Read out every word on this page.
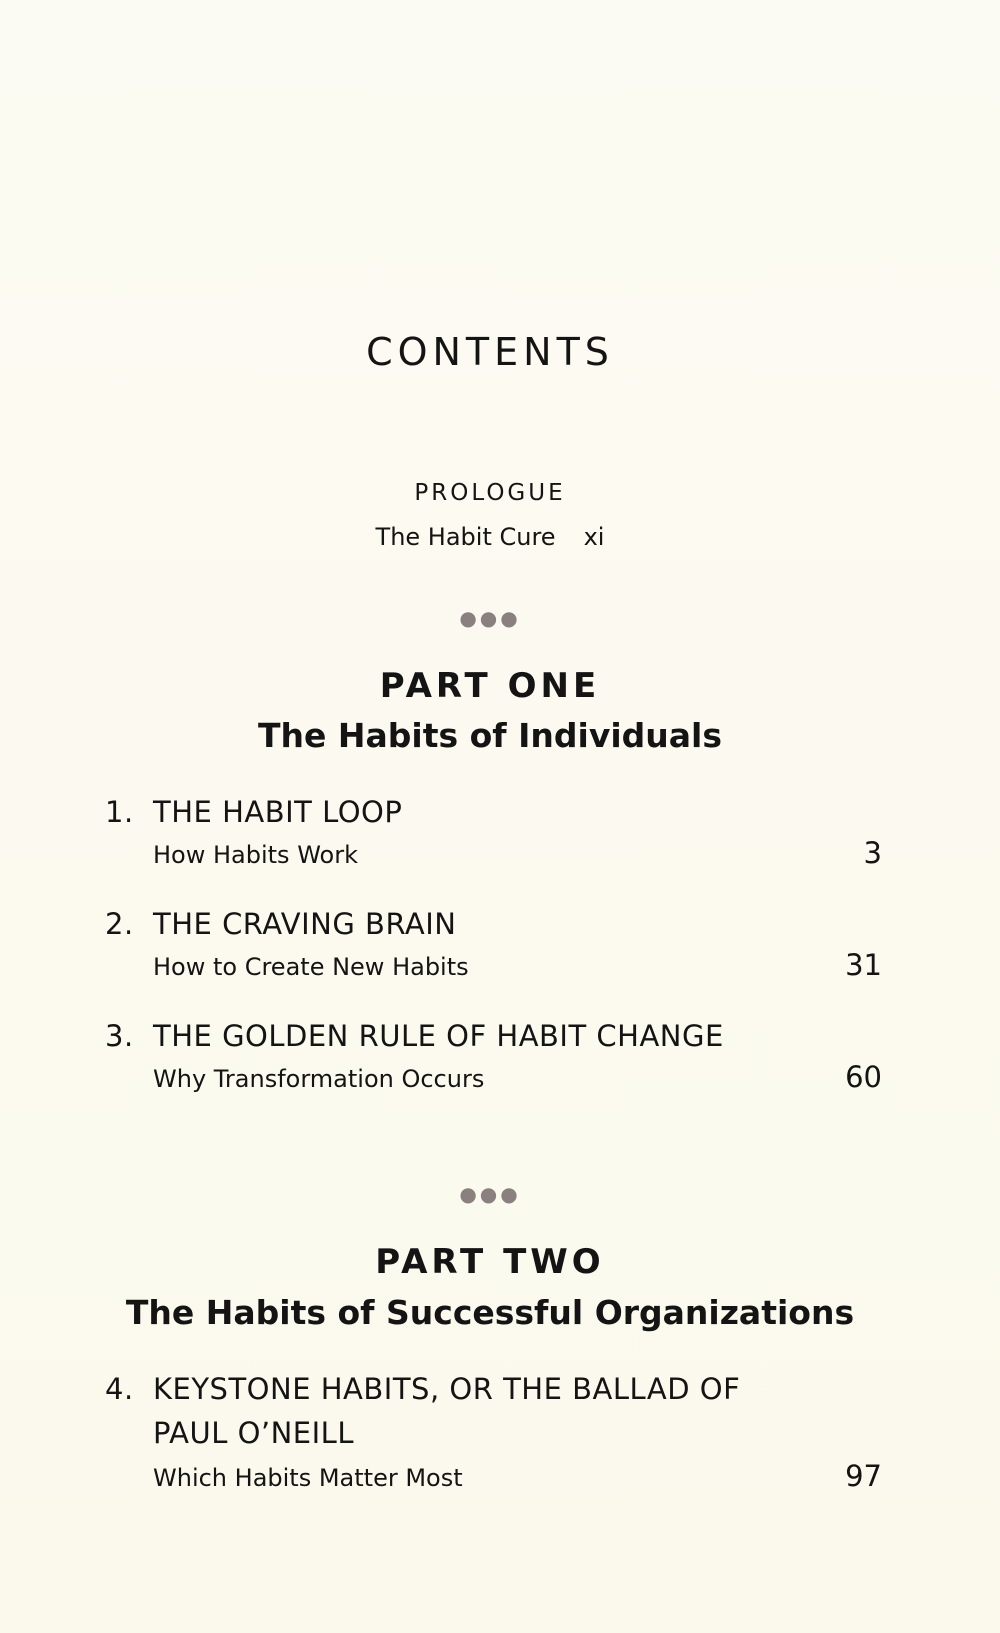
CONTENTS
PROLOGUE
The Habit Cure xi
●●●
PART ONE
The Habits of Individuals
1. THE HABIT LOOP
How Habits Work	3
2. THE CRAVING BRAIN
How to Create New Habits	31
3. THE GOLDEN RULE OF HABIT CHANGE
Why Transformation Occurs	60
●●●
PART TWO
The Habits of Successful Organizations
4. KEYSTONE HABITS, OR THE BALLAD OF
PAUL O’NEILL
Which Habits Matter Most	97
